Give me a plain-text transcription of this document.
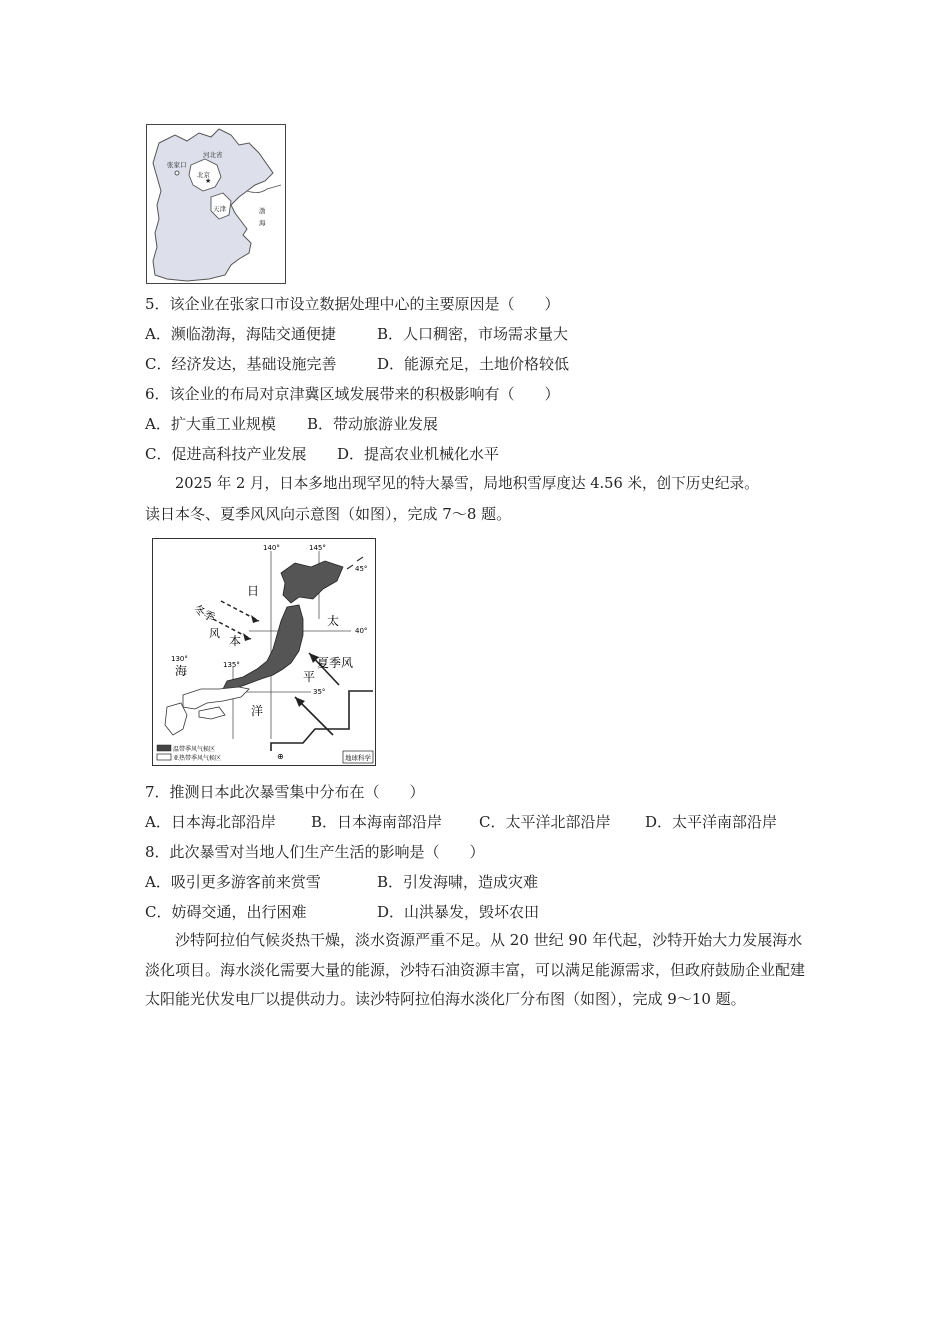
★
张家口
河北省
北京
天津	渤
海
5．该企业在张家口市设立数据处理中心的主要原因是（　　）
A．濒临渤海，海陆交通便捷	B．人口稠密，市场需求量大
C．经济发达，基础设施完善	D．能源充足，土地价格较低
6．该企业的布局对京津冀区域发展带来的积极影响有（　　）
A．扩大重工业规模 B．带动旅游业发展
C．促进高科技产业发展 D．提高农业机械化水平
2025 年 2 月，日本多地出现罕见的特大暴雪，局地积雪厚度达 4.56 米，创下历史纪录。
读日本冬、夏季风风向示意图（如图），完成 7～8 题。
140°	145°
45°
40°
35°
130°
135°
冬季
风
夏季风
日
本
海
太
平
洋
温带季风气候区
亚热带季风气候区	⊕	地球科学
7．推测日本此次暴雪集中分布在（　　）
A．日本海北部沿岸 B．日本海南部沿岸 C．太平洋北部沿岸 D．太平洋南部沿岸
8．此次暴雪对当地人们生产生活的影响是（　　）
A．吸引更多游客前来赏雪	B．引发海啸，造成灾难
C．妨碍交通，出行困难	D．山洪暴发，毁坏农田
沙特阿拉伯气候炎热干燥，淡水资源严重不足。从 20 世纪 90 年代起，沙特开始大力发展海水淡化项目。海水淡化需要大量的能源，沙特石油资源丰富，可以满足能源需求，但政府鼓励企业配建太阳能光伏发电厂以提供动力。读沙特阿拉伯海水淡化厂分布图（如图），完成 9～10 题。
